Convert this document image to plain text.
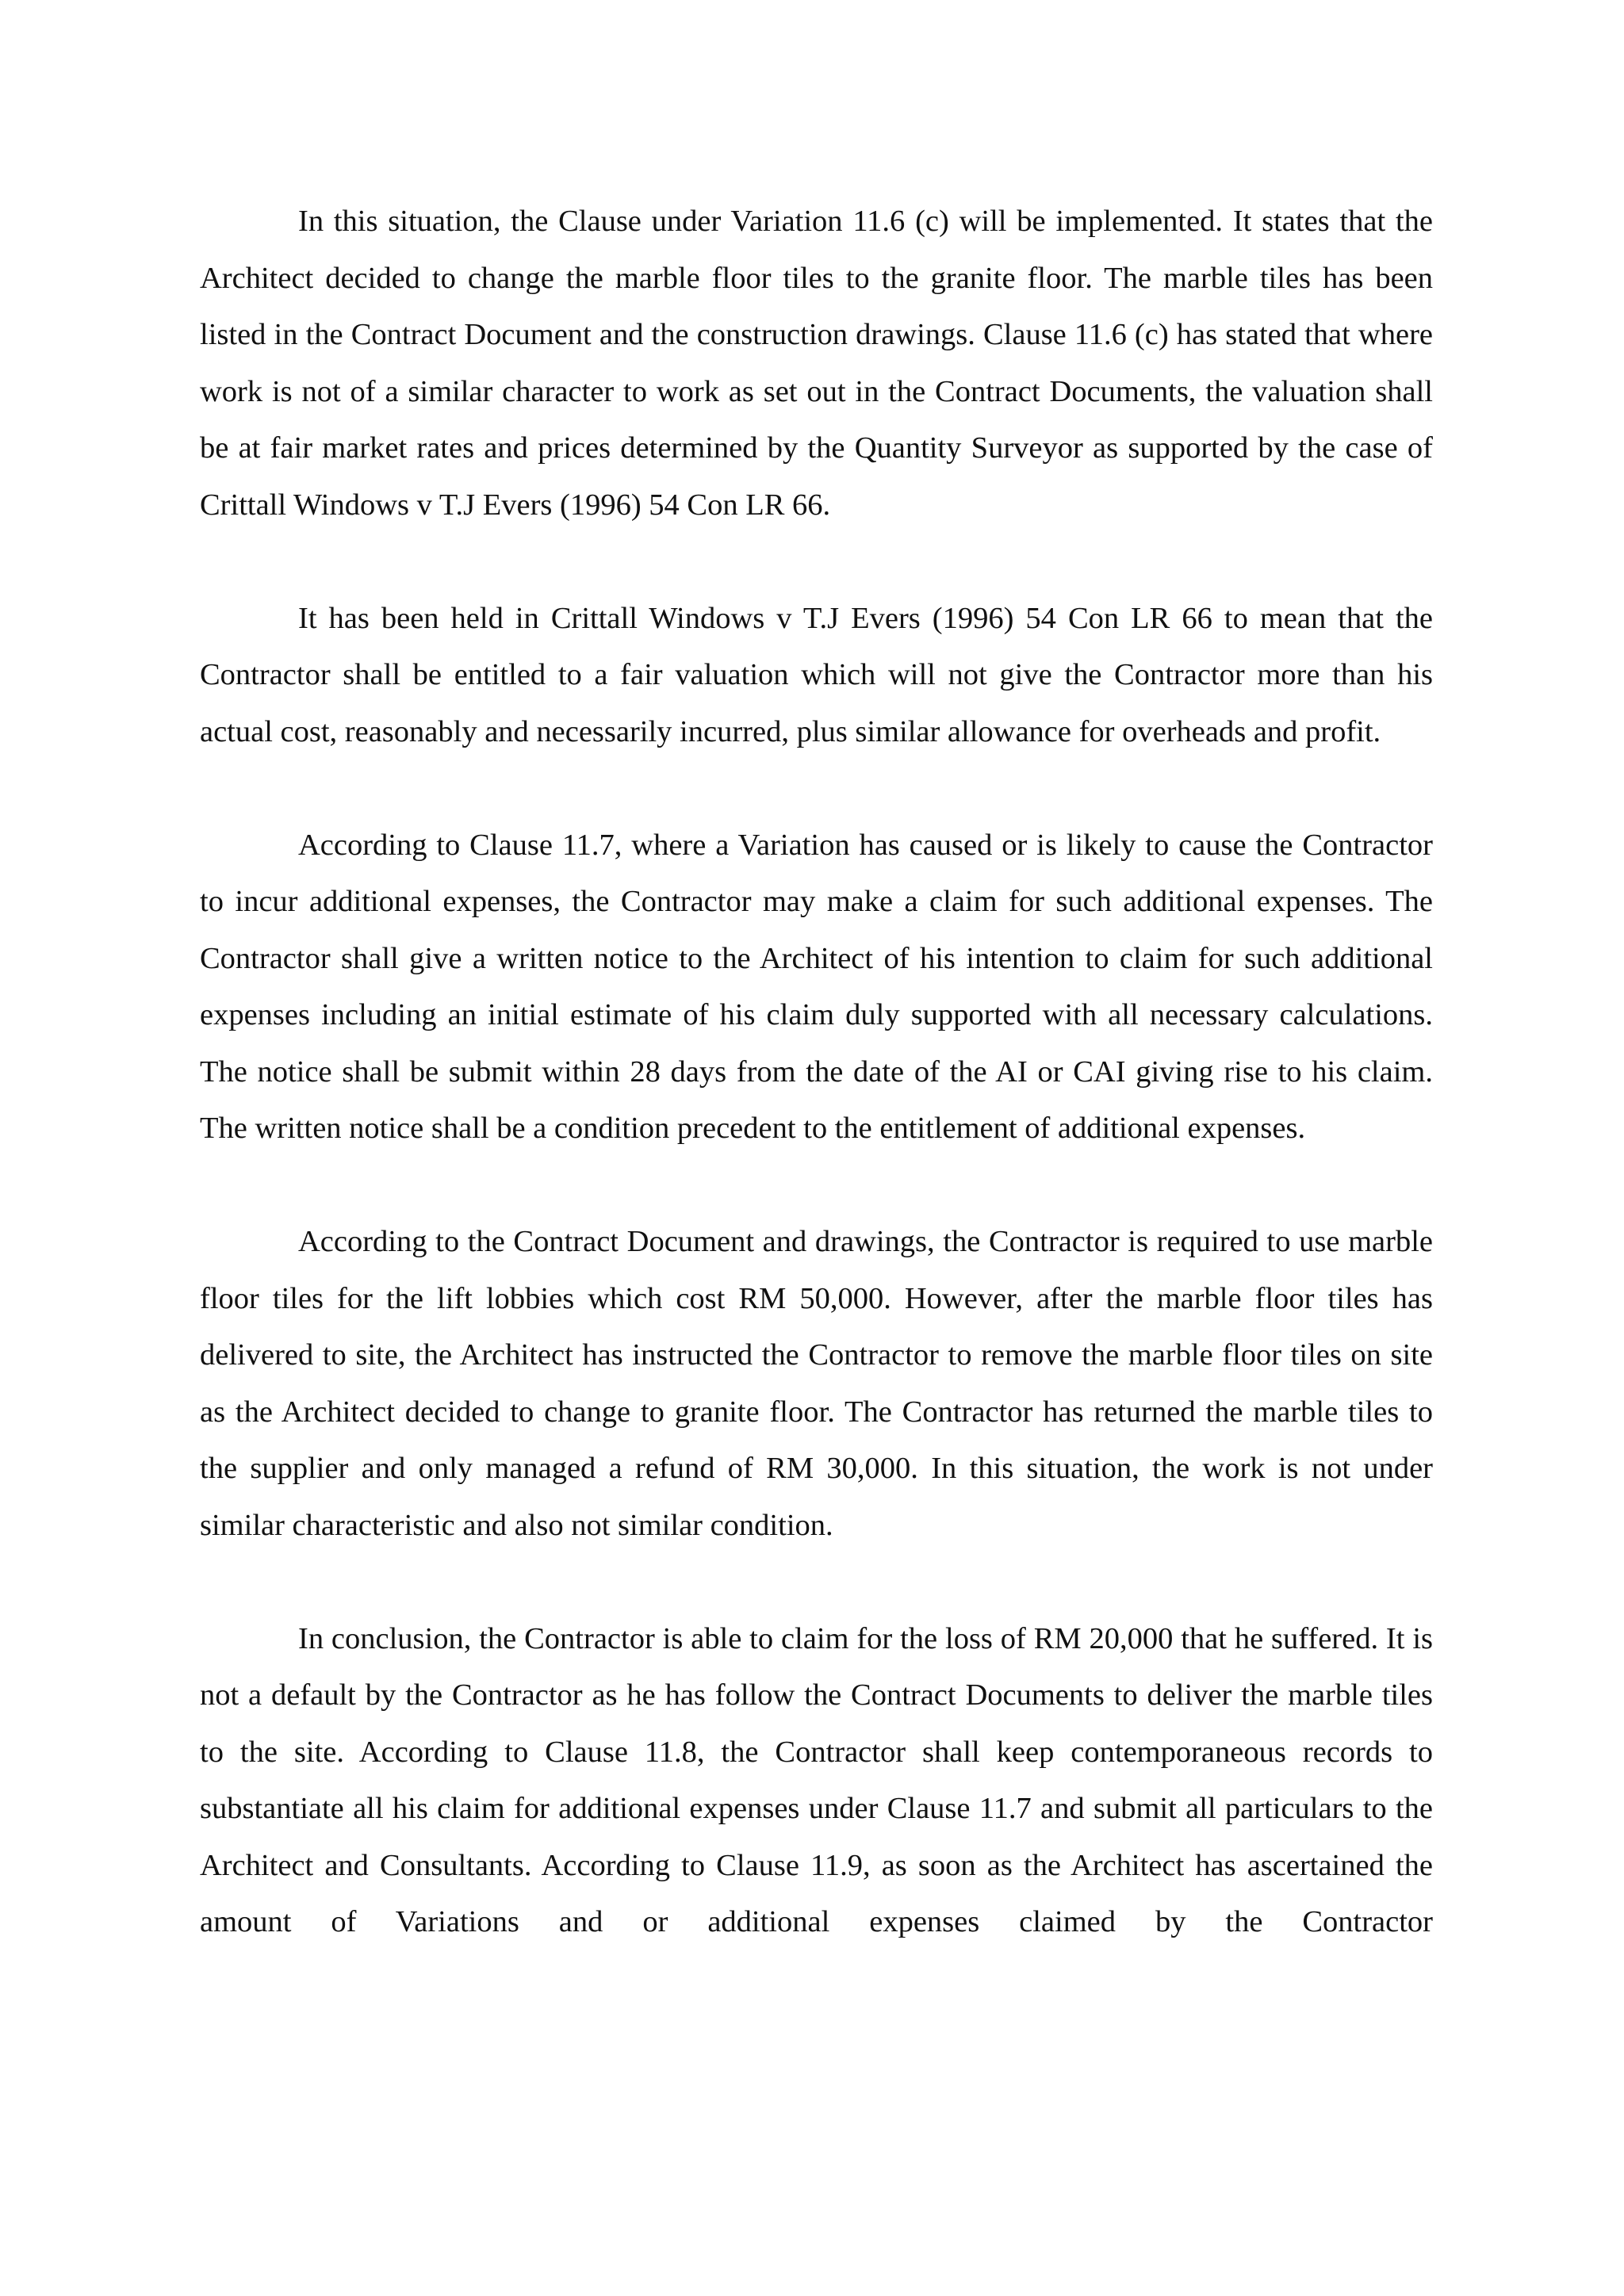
In this situation, the Clause under Variation 11.6 (c) will be implemented. It states that the Architect decided to change the marble floor tiles to the granite floor. The marble tiles has been listed in the Contract Document and the construction drawings. Clause 11.6 (c) has stated that where work is not of a similar character to work as set out in the Contract Documents, the valuation shall be at fair market rates and prices determined by the Quantity Surveyor as supported by the case of Crittall Windows v T.J Evers (1996) 54 Con LR 66.

It has been held in Crittall Windows v T.J Evers (1996) 54 Con LR 66 to mean that the Contractor shall be entitled to a fair valuation which will not give the Contractor more than his actual cost, reasonably and necessarily incurred, plus similar allowance for overheads and profit.

According to Clause 11.7, where a Variation has caused or is likely to cause the Contractor to incur additional expenses, the Contractor may make a claim for such additional expenses. The Contractor shall give a written notice to the Architect of his intention to claim for such additional expenses including an initial estimate of his claim duly supported with all necessary calculations. The notice shall be submit within 28 days from the date of the AI or CAI giving rise to his claim. The written notice shall be a condition precedent to the entitlement of additional expenses.

According to the Contract Document and drawings, the Contractor is required to use marble floor tiles for the lift lobbies which cost RM 50,000. However, after the marble floor tiles has delivered to site, the Architect has instructed the Contractor to remove the marble floor tiles on site as the Architect decided to change to granite floor. The Contractor has returned the marble tiles to the supplier and only managed a refund of RM 30,000. In this situation, the work is not under similar characteristic and also not similar condition.

In conclusion, the Contractor is able to claim for the loss of RM 20,000 that he suffered. It is not a default by the Contractor as he has follow the Contract Documents to deliver the marble tiles to the site. According to Clause 11.8, the Contractor shall keep contemporaneous records to substantiate all his claim for additional expenses under Clause 11.7 and submit all particulars to the Architect and Consultants. According to Clause 11.9, as soon as the Architect has ascertained the amount of Variations and or additional expenses claimed by the Contractor
